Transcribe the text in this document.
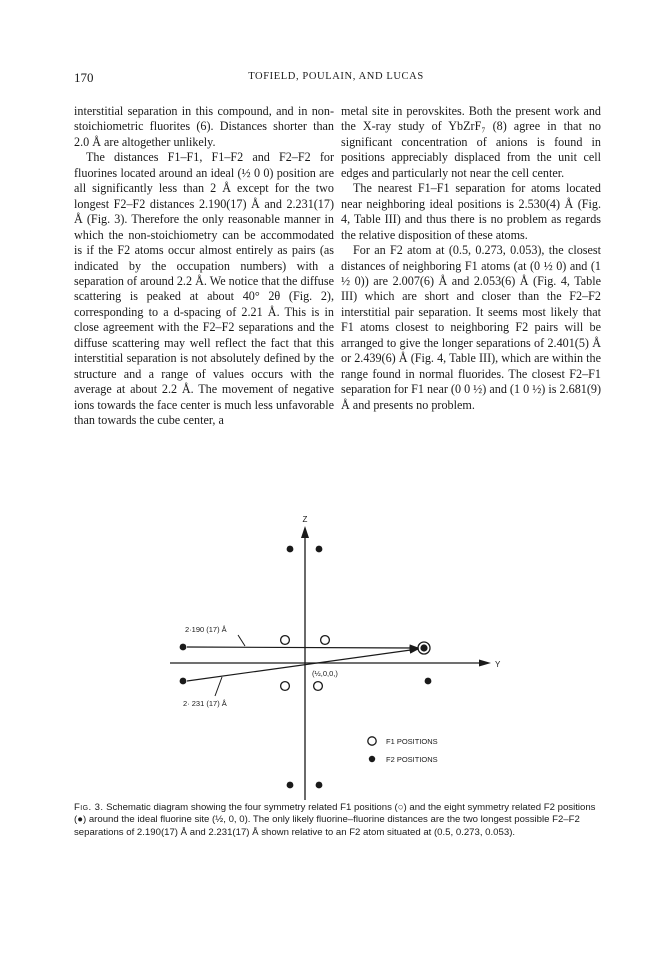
170	TOFIELD, POULAIN, AND LUCAS

interstitial separation in this compound, and in non-stoichiometric fluorites (6). Distances shorter than 2.0 Å are altogether unlikely.

The distances F1–F1, F1–F2 and F2–F2 for fluorines located around an ideal (½ 0 0) position are all significantly less than 2 Å except for the two longest F2–F2 distances 2.190(17) Å and 2.231(17) Å (Fig. 3). Therefore the only reasonable manner in which the non-stoichiometry can be accommodated is if the F2 atoms occur almost entirely as pairs (as indicated by the occupation numbers) with a separation of around 2.2 Å. We notice that the diffuse scattering is peaked at about 40° 2θ (Fig. 2), corresponding to a d-spacing of 2.21 Å. This is in close agreement with the F2–F2 separations and the diffuse scattering may well reflect the fact that this interstitial separation is not absolutely defined by the structure and a range of values occurs with the average at about 2.2 Å. The movement of negative ions towards the face center is much less unfavorable than towards the cube center, a

metal site in perovskites. Both the present work and the X-ray study of YbZrF₇ (8) agree in that no significant concentration of anions is found in positions appreciably displaced from the unit cell edges and particularly not near the cell center.

The nearest F1–F1 separation for atoms located near neighboring ideal positions is 2.530(4) Å (Fig. 4, Table III) and thus there is no problem as regards the relative disposition of these atoms.

For an F2 atom at (0.5, 0.273, 0.053), the closest distances of neighboring F1 atoms (at (0 ½ 0) and (1 ½ 0)) are 2.007(6) Å and 2.053(6) Å (Fig. 4, Table III) which are short and closer than the F2–F2 interstitial pair separation. It seems most likely that F1 atoms closest to neighboring F2 pairs will be arranged to give the longer separations of 2.401(5) Å or 2.439(6) Å (Fig. 4, Table III), which are within the range found in normal fluorides. The closest F2–F1 separation for F1 near (0 0 ½) and (1 0 ½) is 2.681(9) Å and presents no problem.

Z
Y
2·190 (17) Å
2· 231 (17) Å
(½,0,0,)
F1 POSITIONS
F2 POSITIONS

Fig. 3. Schematic diagram showing the four symmetry related F1 positions (○) and the eight symmetry related F2 positions (●) around the ideal fluorine site (½, 0, 0). The only likely fluorine–fluorine distances are the two longest possible F2–F2 separations of 2.190(17) Å and 2.231(17) Å shown relative to an F2 atom situated at (0.5, 0.273, 0.053).
